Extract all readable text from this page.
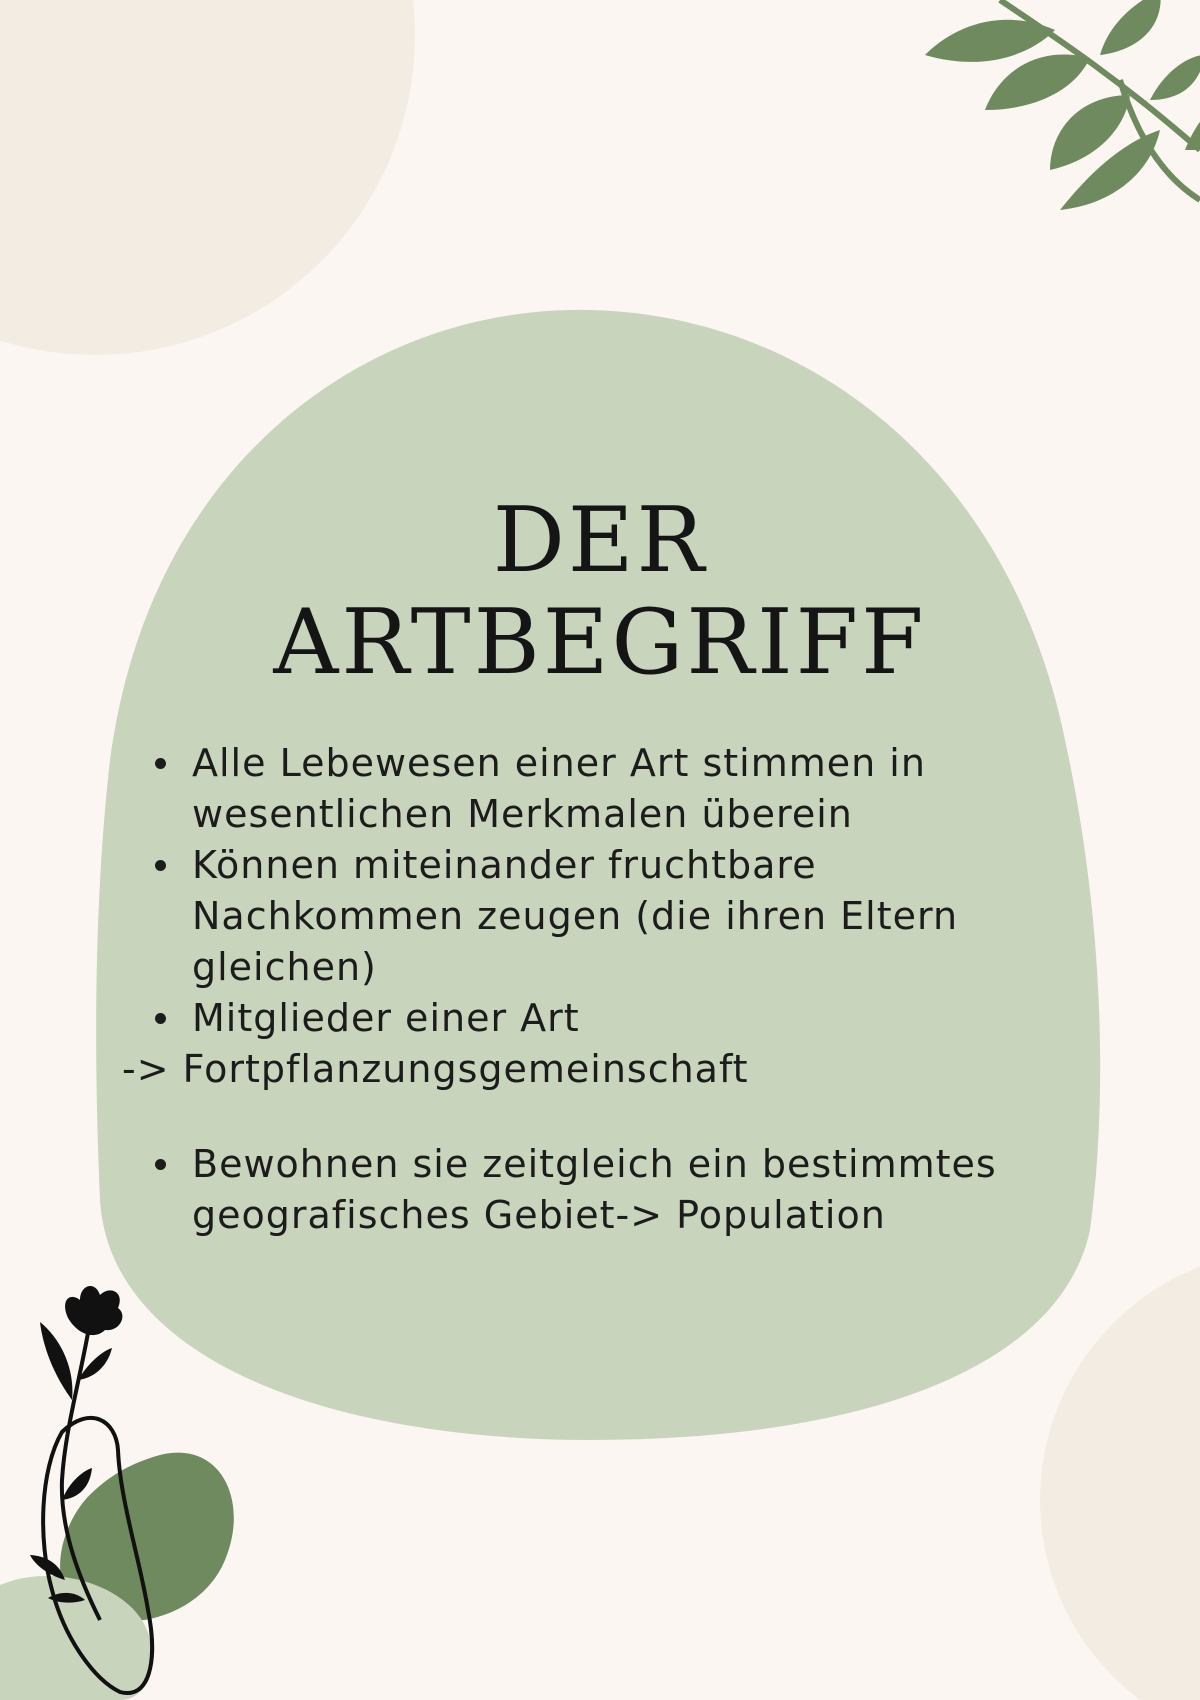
DER
ARTBEGRIFF
Alle Lebewesen einer Art stimmen in
wesentlichen Merkmalen überein
Können miteinander fruchtbare
Nachkommen zeugen (die ihren Eltern
gleichen)
Mitglieder einer Art
-> Fortpflanzungsgemeinschaft
Bewohnen sie zeitgleich ein bestimmtes
geografisches Gebiet-> Population
